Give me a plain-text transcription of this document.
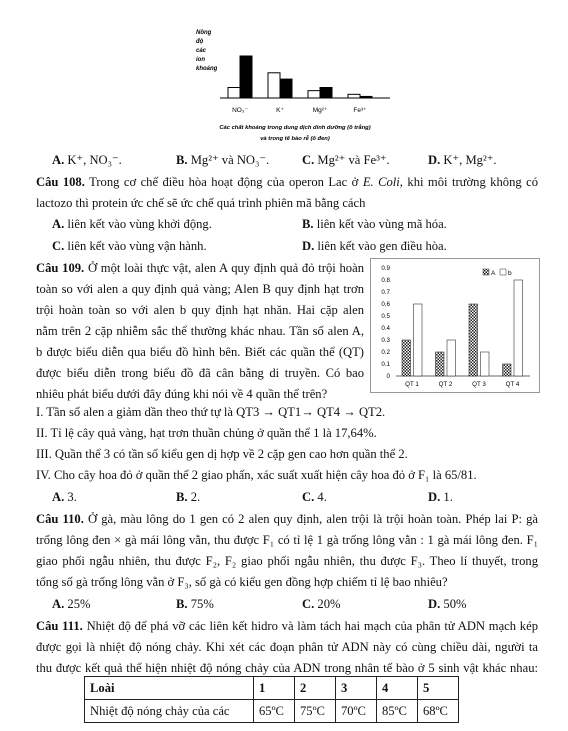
Nồng độ các ion khoáng
NO₃⁻	K⁺	Mg²⁺	Fe³⁺
Các chất khoáng trong dung dịch dinh dưỡng (ô trắng)
và trong tế bào rễ (ô đen)
A. K⁺, NO₃⁻.	B. Mg²⁺ và NO₃⁻.	C. Mg²⁺ và Fe³⁺.	D. K⁺, Mg²⁺.
Câu 108. Trong cơ chế điều hòa hoạt động của operon Lac ở E. Coli, khi môi trường không có
lactozo thì protein ức chế sẽ ức chế quá trình phiên mã bằng cách
A. liên kết vào vùng khởi động.	B. liên kết vào vùng mã hóa.
C. liên kết vào vùng vận hành.	D. liên kết vào gen điều hòa.
Câu 109. Ở một loài thực vật, alen A quy định quả đỏ trội hoàn
toàn so với alen a quy định quả vàng; Alen B quy định hạt trơn
trội hoàn toàn so với alen b quy định hạt nhăn. Hai cặp alen
nằm trên 2 cặp nhiễm sắc thể thường khác nhau. Tần số alen A,
b được biểu diễn qua biểu đồ hình bên. Biết các quần thể (QT)
được biểu diễn trong biểu đồ đã cân bằng di truyền. Có bao
nhiêu phát biểu dưới đây đúng khi nói về 4 quần thể trên?
0
0.1
0.2
0.3
0.4
0.5
0.6
0.7
0.8
0.9
QT 1	QT 2	QT 3	QT 4
A b
I. Tần số alen a giảm dần theo thứ tự là QT3 → QT1→ QT4 → QT2.
II. Tỉ lệ cây quả vàng, hạt trơn thuần chủng ở quần thể 1 là 17,64%.
III. Quần thể 3 có tần số kiểu gen dị hợp về 2 cặp gen cao hơn quần thể 2.
IV. Cho cây hoa đỏ ở quần thể 2 giao phấn, xác suất xuất hiện cây hoa đỏ ở F₁ là 65/81.
A. 3.	B. 2.	C. 4.	D. 1.
Câu 110. Ở gà, màu lông do 1 gen có 2 alen quy định, alen trội là trội hoàn toàn. Phép lai P: gà
trống lông đen × gà mái lông vằn, thu được F₁ có tỉ lệ 1 gà trống lông vằn : 1 gà mái lông đen. F₁
giao phối ngẫu nhiên, thu được F₂, F₂ giao phối ngẫu nhiên, thu được F₃. Theo lí thuyết, trong
tổng số gà trống lông vằn ở F₃, số gà có kiểu gen đồng hợp chiếm tỉ lệ bao nhiêu?
A. 25%	B. 75%	C. 20%	D. 50%
Câu 111. Nhiệt độ để phá vỡ các liên kết hidro và làm tách hai mạch của phân tử ADN mạch kép
được gọi là nhiệt độ nóng chảy. Khi xét các đoạn phân tử ADN này có cùng chiều dài, người ta
thu được kết quả thể hiện nhiệt độ nóng chảy của ADN trong nhân tế bào ở 5 sinh vật khác nhau:
Loài	1	2	3	4	5
Nhiệt độ nóng chảy của các	65ºC	75ºC	70ºC	85ºC	68ºC
